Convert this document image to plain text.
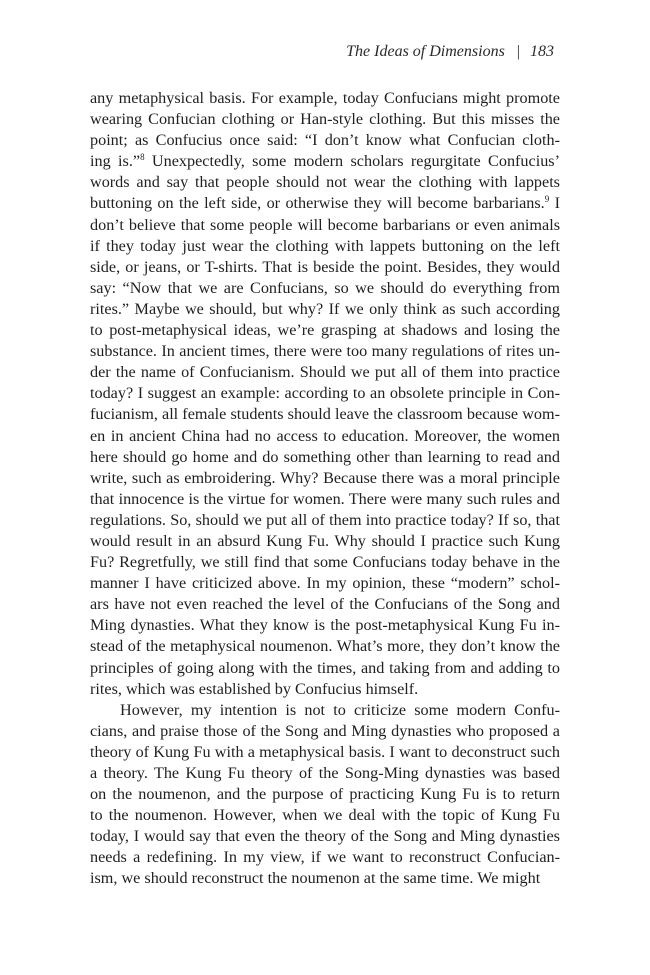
The Ideas of Dimensions | 183

any metaphysical basis. For example, today Confucians might promote
wearing Confucian clothing or Han-style clothing. But this misses the
point; as Confucius once said: “I don’t know what Confucian cloth-
ing is.”$^8$ Unexpectedly, some modern scholars regurgitate Confucius’
words and say that people should not wear the clothing with lappets
buttoning on the left side, or otherwise they will become barbarians.$^9$ I
don’t believe that some people will become barbarians or even animals
if they today just wear the clothing with lappets buttoning on the left
side, or jeans, or T-shirts. That is beside the point. Besides, they would
say: “Now that we are Confucians, so we should do everything from
rites.” Maybe we should, but why? If we only think as such according
to post-metaphysical ideas, we’re grasping at shadows and losing the
substance. In ancient times, there were too many regulations of rites un-
der the name of Confucianism. Should we put all of them into practice
today? I suggest an example: according to an obsolete principle in Con-
fucianism, all female students should leave the classroom because wom-
en in ancient China had no access to education. Moreover, the women
here should go home and do something other than learning to read and
write, such as embroidering. Why? Because there was a moral principle
that innocence is the virtue for women. There were many such rules and
regulations. So, should we put all of them into practice today? If so, that
would result in an absurd Kung Fu. Why should I practice such Kung
Fu? Regretfully, we still find that some Confucians today behave in the
manner I have criticized above. In my opinion, these “modern” schol-
ars have not even reached the level of the Confucians of the Song and
Ming dynasties. What they know is the post-metaphysical Kung Fu in-
stead of the metaphysical noumenon. What’s more, they don’t know the
principles of going along with the times, and taking from and adding to
rites, which was established by Confucius himself.

However, my intention is not to criticize some modern Confu-
cians, and praise those of the Song and Ming dynasties who proposed a
theory of Kung Fu with a metaphysical basis. I want to deconstruct such
a theory. The Kung Fu theory of the Song-Ming dynasties was based
on the noumenon, and the purpose of practicing Kung Fu is to return
to the noumenon. However, when we deal with the topic of Kung Fu
today, I would say that even the theory of the Song and Ming dynasties
needs a redefining. In my view, if we want to reconstruct Confucian-
ism, we should reconstruct the noumenon at the same time. We might
